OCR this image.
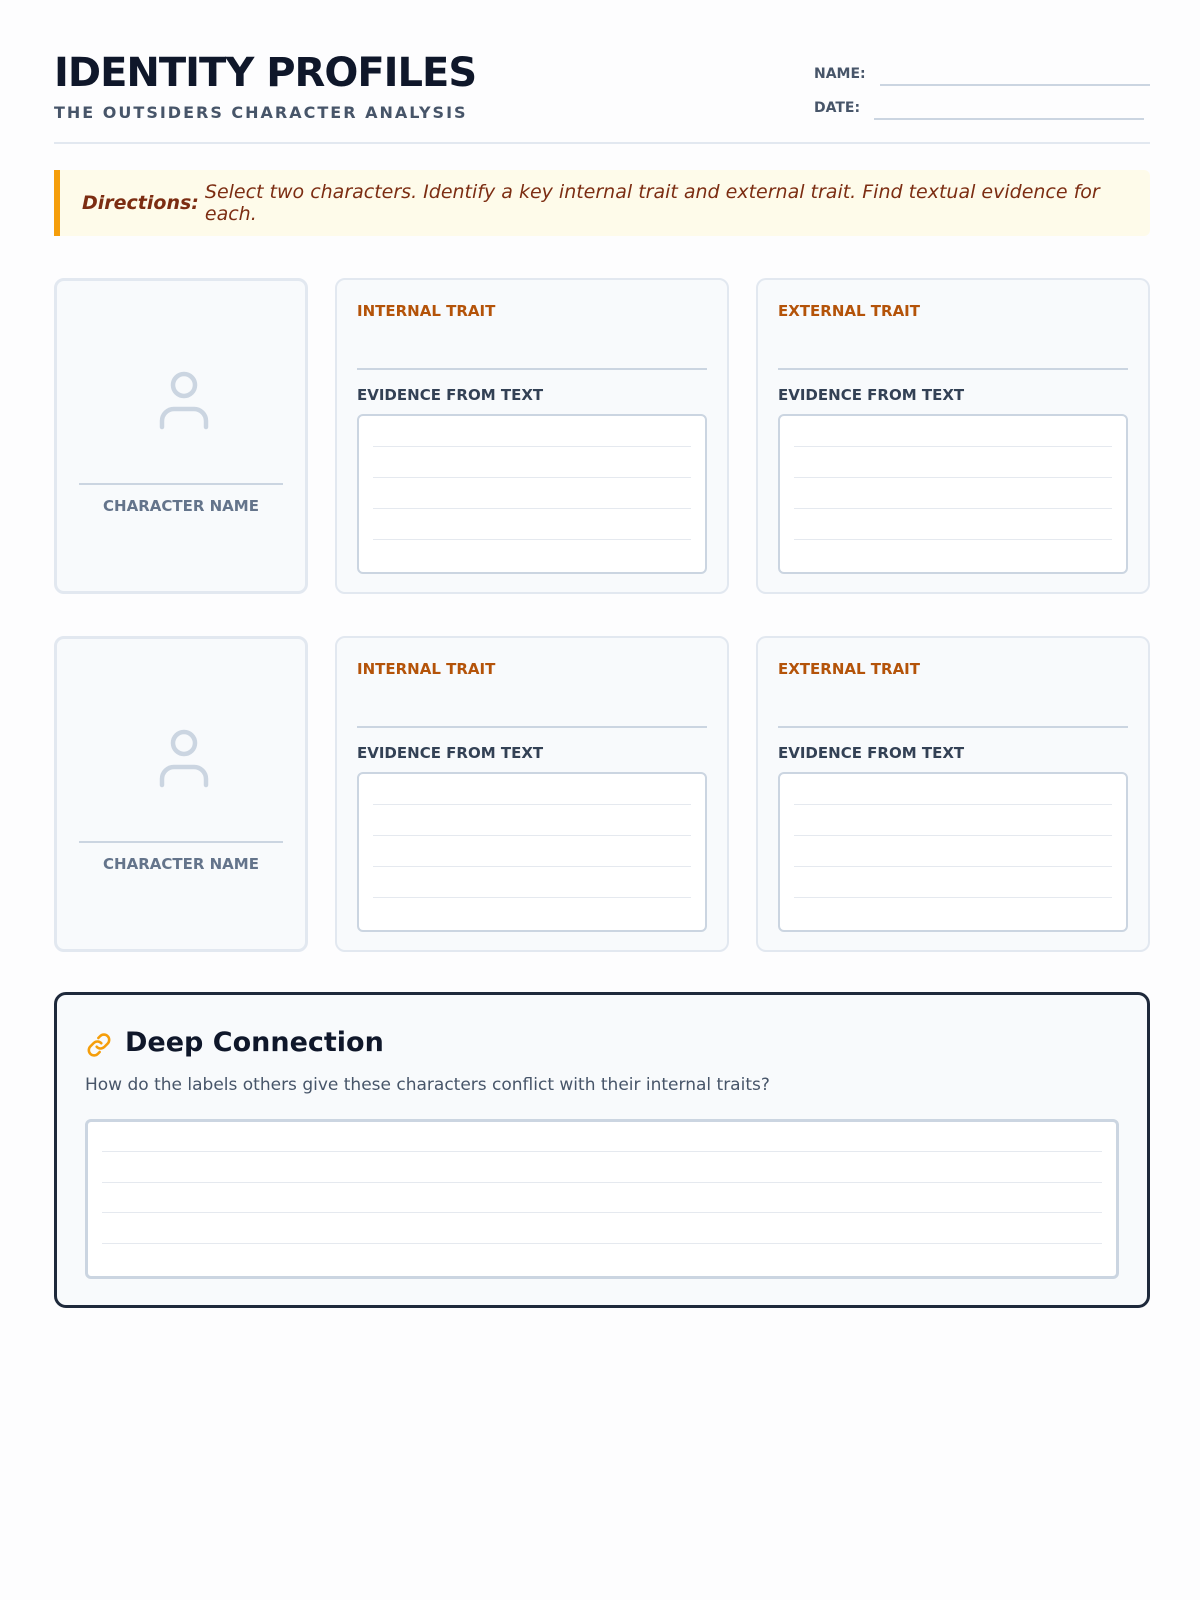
IDENTITY PROFILES
THE OUTSIDERS CHARACTER ANALYSIS
NAME:
DATE:
Directions: Select two characters. Identify a key internal trait and external trait. Find textual evidence for each.
CHARACTER NAME
INTERNAL TRAIT
EVIDENCE FROM TEXT
EXTERNAL TRAIT
EVIDENCE FROM TEXT
CHARACTER NAME
INTERNAL TRAIT
EVIDENCE FROM TEXT
EXTERNAL TRAIT
EVIDENCE FROM TEXT
Deep Connection
How do the labels others give these characters conflict with their internal traits?
